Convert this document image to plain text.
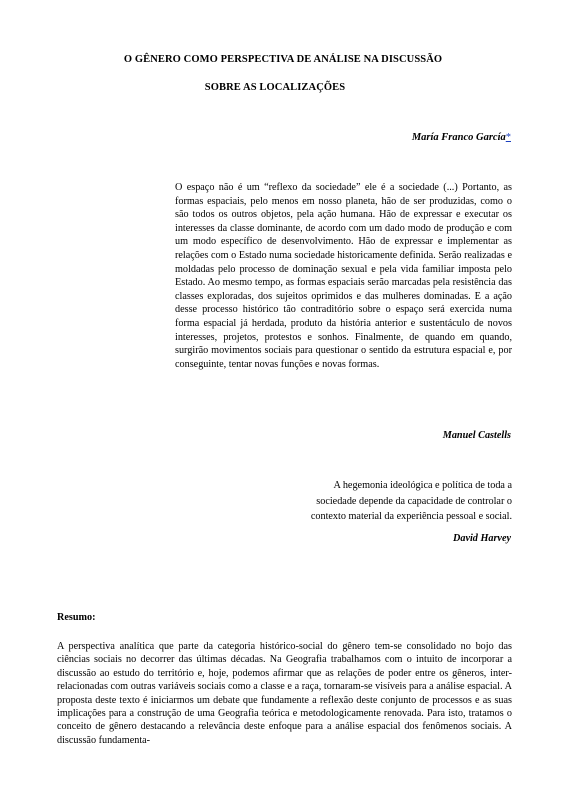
O GÊNERO COMO PERSPECTIVA DE ANÁLISE NA DISCUSSÃO
SOBRE AS LOCALIZAÇÕES
María Franco García*
O espaço não é um “reflexo da sociedade” ele é a sociedade (...) Portanto, as formas espaciais, pelo menos em nosso planeta, hão de ser produzidas, como o são todos os outros objetos, pela ação humana. Hão de expressar e executar os interesses da classe dominante, de acordo com um dado modo de produção e com um modo específico de desenvolvimento. Hão de expressar e implementar as relações com o Estado numa sociedade historicamente definida. Serão realizadas e moldadas pelo processo de dominação sexual e pela vida familiar imposta pelo Estado. Ao mesmo tempo, as formas espaciais serão marcadas pela resistência das classes exploradas, dos sujeitos oprimidos e das mulheres dominadas. E a ação desse processo histórico tão contraditório sobre o espaço será exercida numa forma espacial já herdada, produto da história anterior e sustentáculo de novos interesses, projetos, protestos e sonhos. Finalmente, de quando em quando, surgirão movimentos sociais para questionar o sentido da estrutura espacial e, por conseguinte, tentar novas funções e novas formas.
Manuel Castells
A hegemonia ideológica e política de toda a
sociedade depende da capacidade de controlar o
contexto material da experiência pessoal e social.
David Harvey
Resumo:
A perspectiva analítica que parte da categoria histórico-social do gênero tem-se consolidado no bojo das ciências sociais no decorrer das últimas décadas. Na Geografia trabalhamos com o intuito de incorporar a discussão ao estudo do território e, hoje, podemos afirmar que as relações de poder entre os gêneros, inter-relacionadas com outras variáveis sociais como a classe e a raça, tornaram-se visíveis para a análise espacial. A proposta deste texto é iniciarmos um debate que fundamente a reflexão deste conjunto de processos e as suas implicações para a construção de uma Geografia teórica e metodologicamente renovada. Para isto, tratamos o conceito de gênero destacando a relevância deste enfoque para a análise espacial dos fenômenos sociais. A discussão fundamenta-
